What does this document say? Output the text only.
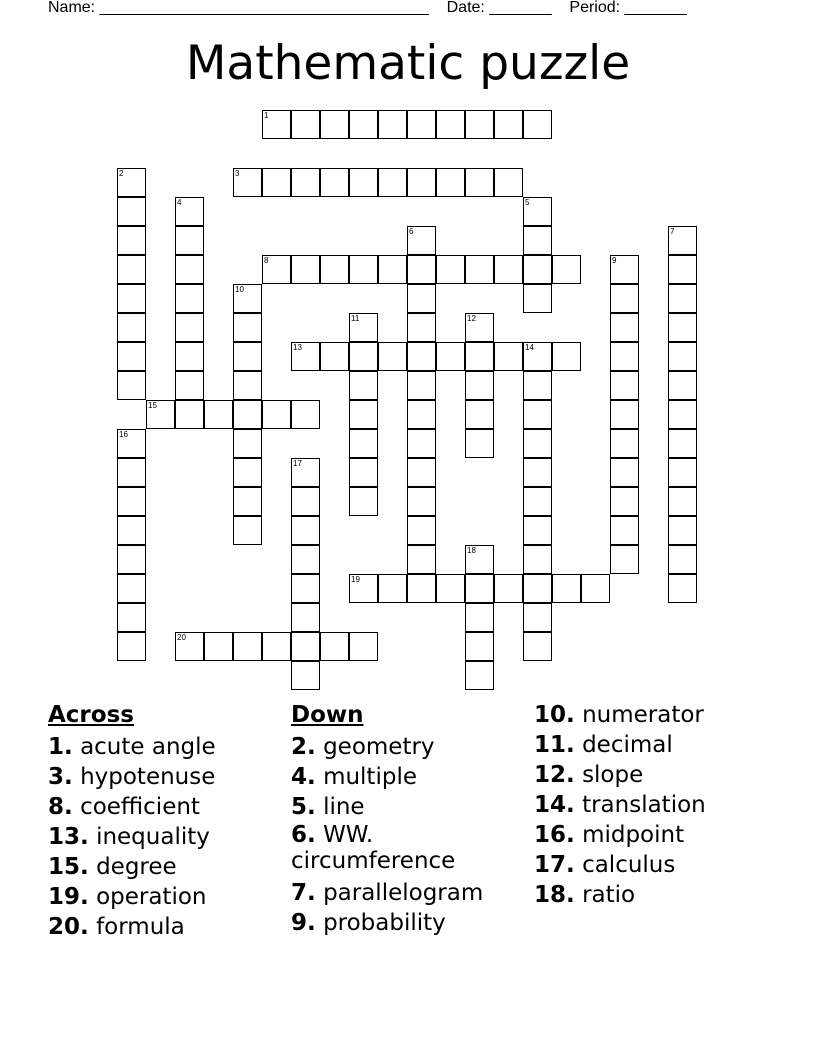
Name: _____________________________________ Date: _______ Period: _______
Mathematic puzzle
1
3
8
13	14
15
19
20
2
4	5
6	7
9
10
11	12
16
17
18
Across
1. acute angle
3. hypotenuse
8. coefficient
13. inequality
15. degree
19. operation
20. formula
Down
2. geometry
4. multiple
5. line
6. WW. circumference
7. parallelogram
9. probability
10. numerator
11. decimal
12. slope
14. translation
16. midpoint
17. calculus
18. ratio
